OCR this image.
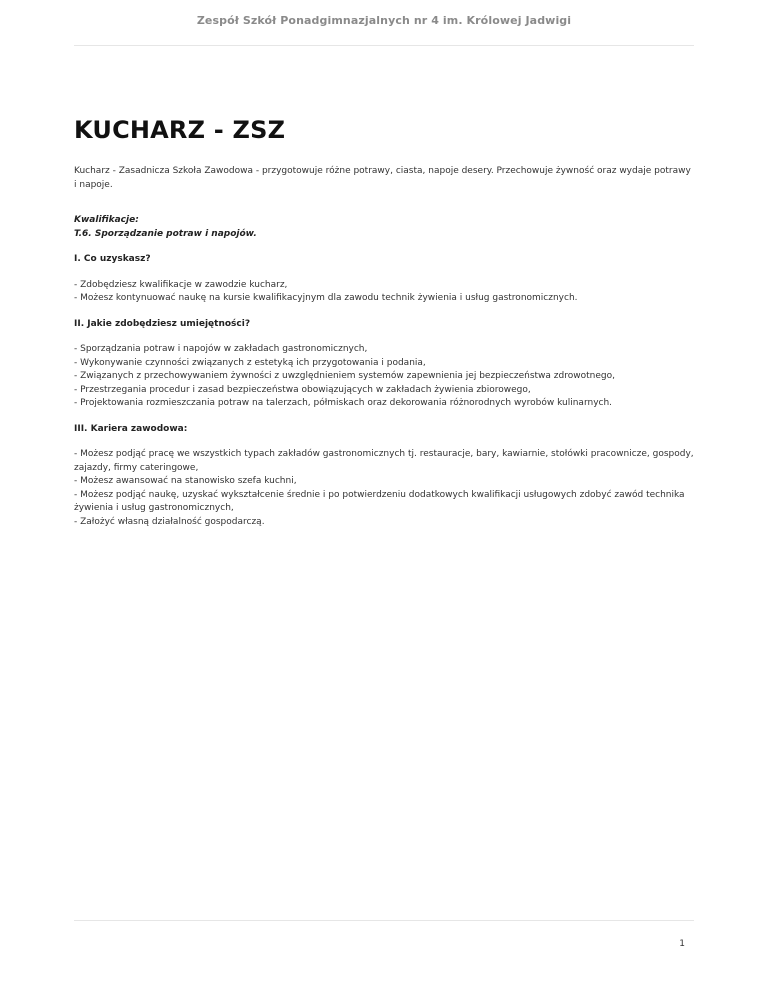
Zespół Szkół Ponadgimnazjalnych nr 4 im. Królowej Jadwigi
KUCHARZ - ZSZ

Kucharz - Zasadnicza Szkoła Zawodowa - przygotowuje różne potrawy, ciasta, napoje desery. Przechowuje żywność oraz wydaje potrawy i napoje.

Kwalifikacje:
T.6. Sporządzanie potraw i napojów.

I. Co uzyskasz?

- Zdobędziesz kwalifikacje w zawodzie kucharz,
- Możesz kontynuować naukę na kursie kwalifikacyjnym dla zawodu technik żywienia i usług gastronomicznych.

II. Jakie zdobędziesz umiejętności?

- Sporządzania potraw i napojów w zakładach gastronomicznych,
- Wykonywanie czynności związanych z estetyką ich przygotowania i podania,
- Związanych z przechowywaniem żywności z uwzględnieniem systemów zapewnienia jej bezpieczeństwa zdrowotnego,
- Przestrzegania procedur i zasad bezpieczeństwa obowiązujących w zakładach żywienia zbiorowego,
- Projektowania rozmieszczania potraw na talerzach, półmiskach oraz dekorowania różnorodnych wyrobów kulinarnych.

III. Kariera zawodowa:

- Możesz podjąć pracę we wszystkich typach zakładów gastronomicznych tj. restauracje, bary, kawiarnie, stołówki pracownicze, gospody, zajazdy, firmy cateringowe,
- Możesz awansować na stanowisko szefa kuchni,
- Możesz podjąć naukę, uzyskać wykształcenie średnie i po potwierdzeniu dodatkowych kwalifikacji usługowych zdobyć zawód technika żywienia i usług gastronomicznych,
- Założyć własną działalność gospodarczą.

1
